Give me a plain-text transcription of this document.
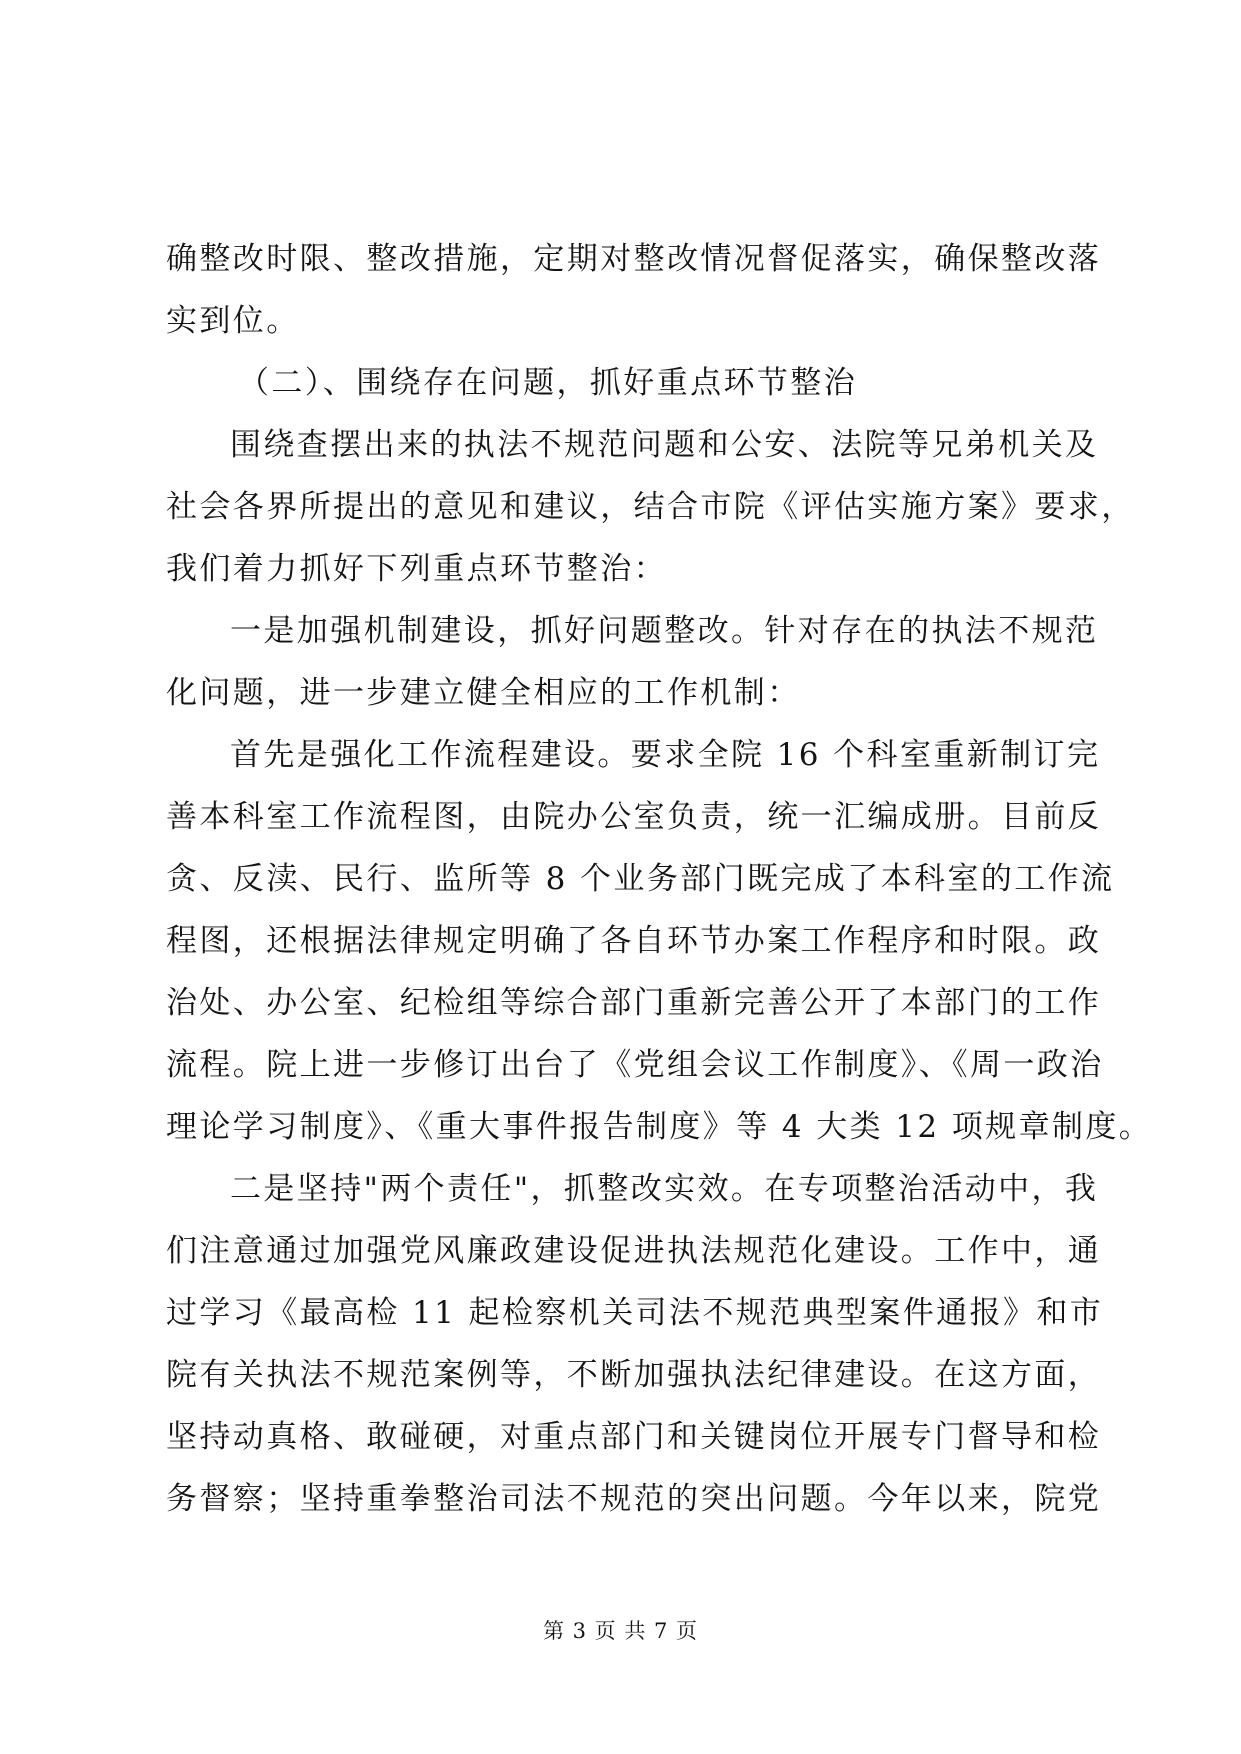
确整改时限、整改措施，定期对整改情况督促落实，确保整改落
实到位。
（二）、围绕存在问题，抓好重点环节整治
围绕查摆出来的执法不规范问题和公安、法院等兄弟机关及
社会各界所提出的意见和建议，结合市院《评估实施方案》要求，
我们着力抓好下列重点环节整治：
一是加强机制建设，抓好问题整改。针对存在的执法不规范
化问题，进一步建立健全相应的工作机制：
首先是强化工作流程建设。要求全院 16 个科室重新制订完
善本科室工作流程图，由院办公室负责，统一汇编成册。目前反
贪、反渎、民行、监所等 8 个业务部门既完成了本科室的工作流
程图，还根据法律规定明确了各自环节办案工作程序和时限。政
治处、办公室、纪检组等综合部门重新完善公开了本部门的工作
流程。院上进一步修订出台了《党组会议工作制度》、《周一政治
理论学习制度》、《重大事件报告制度》等 4 大类 12 项规章制度。
二是坚持"两个责任"，抓整改实效。在专项整治活动中，我
们注意通过加强党风廉政建设促进执法规范化建设。工作中，通
过学习《最高检 11 起检察机关司法不规范典型案件通报》和市
院有关执法不规范案例等，不断加强执法纪律建设。在这方面，
坚持动真格、敢碰硬，对重点部门和关键岗位开展专门督导和检
务督察；坚持重拳整治司法不规范的突出问题。今年以来，院党
第 3 页 共 7 页
